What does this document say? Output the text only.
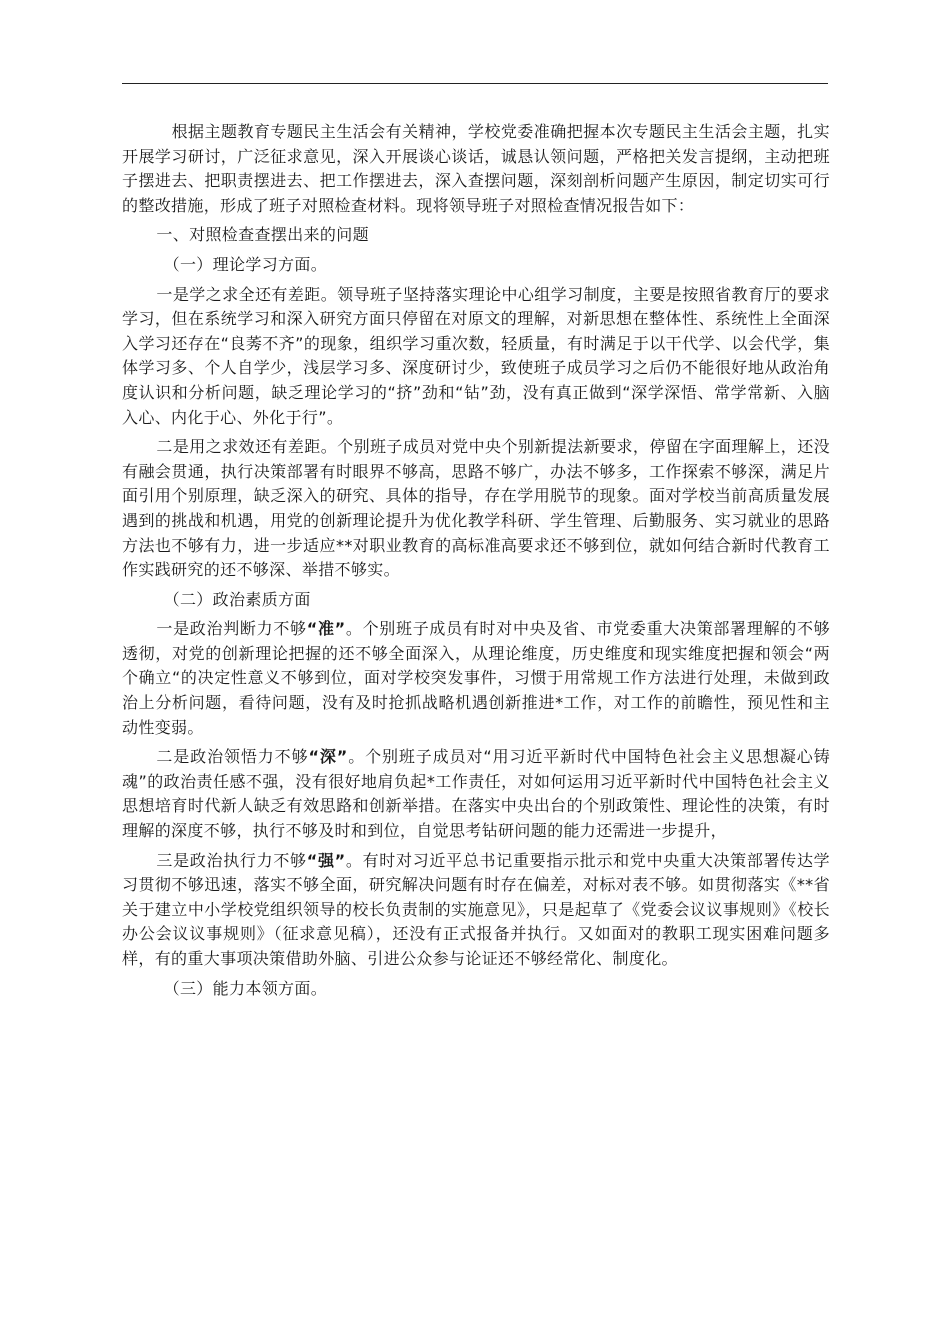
根据主题教育专题民主生活会有关精神，学校党委准确把握本次专题民主生活会主题，扎实开展学习研讨，广泛征求意见，深入开展谈心谈话，诚恳认领问题，严格把关发言提纲，主动把班子摆进去、把职责摆进去、把工作摆进去，深入查摆问题，深刻剖析问题产生原因，制定切实可行的整改措施，形成了班子对照检查材料。现将领导班子对照检查情况报告如下：

一、对照检查查摆出来的问题

（一）理论学习方面。

一是学之求全还有差距。领导班子坚持落实理论中心组学习制度，主要是按照省教育厅的要求学习，但在系统学习和深入研究方面只停留在对原文的理解，对新思想在整体性、系统性上全面深入学习还存在“良莠不齐”的现象，组织学习重次数，轻质量，有时满足于以干代学、以会代学，集体学习多、个人自学少，浅层学习多、深度研讨少，致使班子成员学习之后仍不能很好地从政治角度认识和分析问题，缺乏理论学习的“挤”劲和“钻”劲，没有真正做到“深学深悟、常学常新、入脑入心、内化于心、外化于行”。

二是用之求效还有差距。个别班子成员对党中央个别新提法新要求，停留在字面理解上，还没有融会贯通，执行决策部署有时眼界不够高，思路不够广，办法不够多，工作探索不够深，满足片面引用个别原理，缺乏深入的研究、具体的指导，存在学用脱节的现象。面对学校当前高质量发展遇到的挑战和机遇，用党的创新理论提升为优化教学科研、学生管理、后勤服务、实习就业的思路方法也不够有力，进一步适应**对职业教育的高标准高要求还不够到位，就如何结合新时代教育工作实践研究的还不够深、举措不够实。

（二）政治素质方面

一是政治判断力不够“准”。个别班子成员有时对中央及省、市党委重大决策部署理解的不够透彻，对党的创新理论把握的还不够全面深入，从理论维度，历史维度和现实维度把握和领会“两个确立“的决定性意义不够到位，面对学校突发事件，习惯于用常规工作方法进行处理，未做到政治上分析问题，看待问题，没有及时抢抓战略机遇创新推进*工作，对工作的前瞻性，预见性和主动性变弱。

二是政治领悟力不够“深”。个别班子成员对“用习近平新时代中国特色社会主义思想凝心铸魂”的政治责任感不强，没有很好地肩负起*工作责任，对如何运用习近平新时代中国特色社会主义思想培育时代新人缺乏有效思路和创新举措。在落实中央出台的个别政策性、理论性的决策，有时理解的深度不够，执行不够及时和到位，自觉思考钻研问题的能力还需进一步提升，

三是政治执行力不够“强”。有时对习近平总书记重要指示批示和党中央重大决策部署传达学习贯彻不够迅速，落实不够全面，研究解决问题有时存在偏差，对标对表不够。如贯彻落实《**省关于建立中小学校党组织领导的校长负责制的实施意见》，只是起草了《党委会议议事规则》《校长办公会议议事规则》（征求意见稿），还没有正式报备并执行。又如面对的教职工现实困难问题多样，有的重大事项决策借助外脑、引进公众参与论证还不够经常化、制度化。

（三）能力本领方面。
